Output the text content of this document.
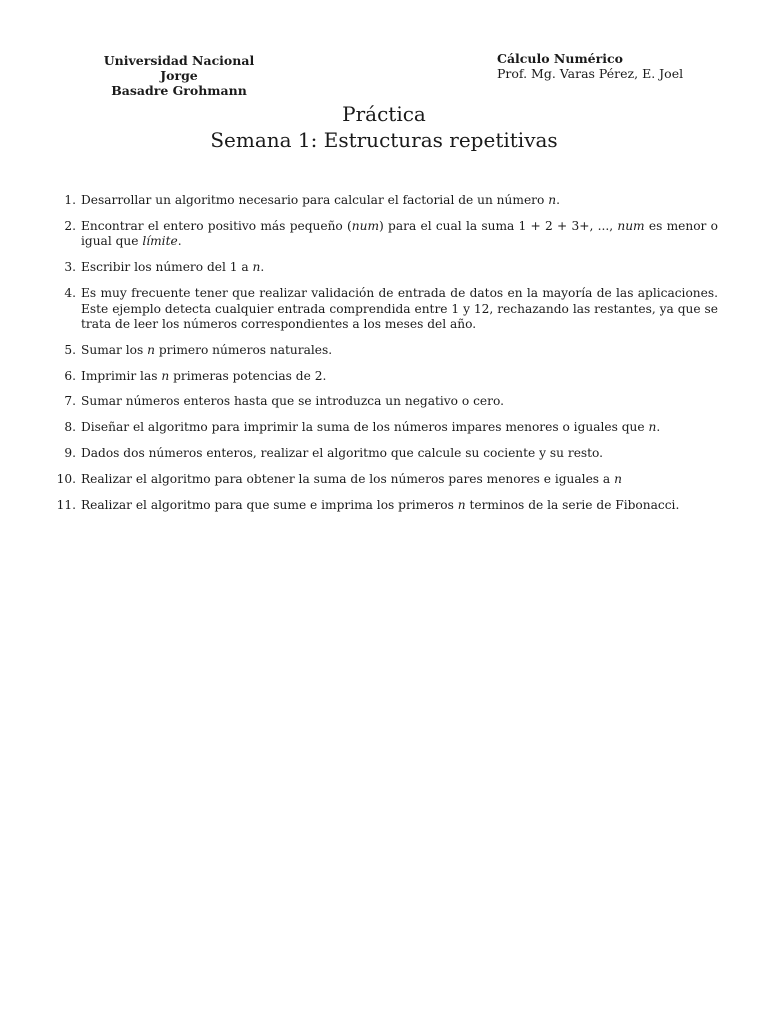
Universidad Nacional Jorge
Basadre Grohmann
Cálculo Numérico
Prof. Mg. Varas Pérez, E. Joel
Práctica
Semana 1: Estructuras repetitivas
1. Desarrollar un algoritmo necesario para calcular el factorial de un número n.
2. Encontrar el entero positivo más pequeño (num) para el cual la suma 1 + 2 + 3+, ..., num es menor o igual que límite.
3. Escribir los número del 1 a n.
4. Es muy frecuente tener que realizar validación de entrada de datos en la mayoría de las aplicaciones. Este ejemplo detecta cualquier entrada comprendida entre 1 y 12, rechazando las restantes, ya que se trata de leer los números correspondientes a los meses del año.
5. Sumar los n primero números naturales.
6. Imprimir las n primeras potencias de 2.
7. Sumar números enteros hasta que se introduzca un negativo o cero.
8. Diseñar el algoritmo para imprimir la suma de los números impares menores o iguales que n.
9. Dados dos números enteros, realizar el algoritmo que calcule su cociente y su resto.
10. Realizar el algoritmo para obtener la suma de los números pares menores e iguales a n
11. Realizar el algoritmo para que sume e imprima los primeros n terminos de la serie de Fibonacci.
